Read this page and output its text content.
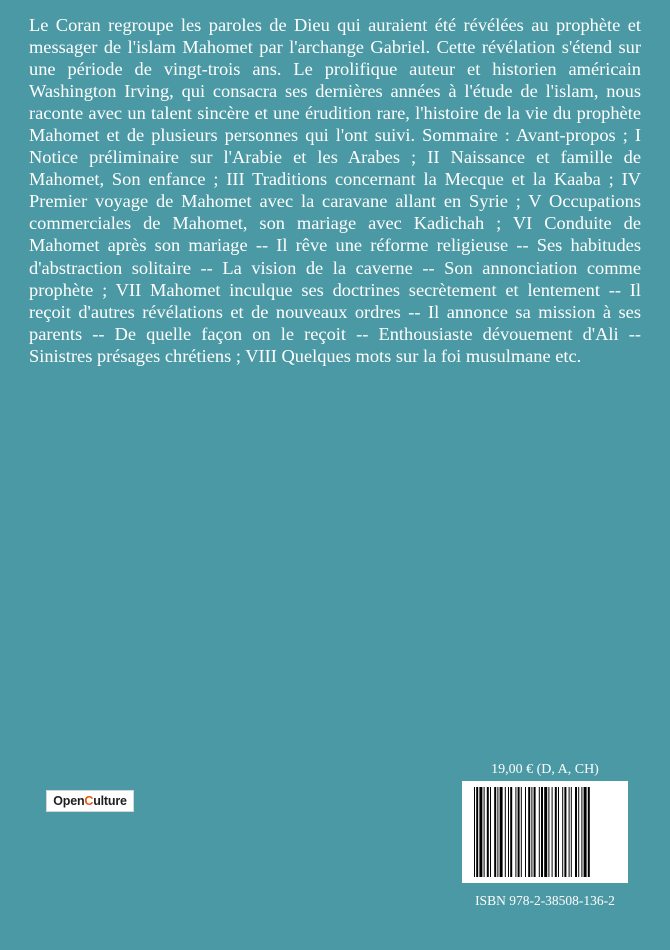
Le Coran regroupe les paroles de Dieu qui auraient été révélées au prophète et messager de l'islam Mahomet par l'archange Gabriel. Cette révélation s'étend sur une période de vingt-trois ans. Le prolifique auteur et historien américain Washington Irving, qui consacra ses dernières années à l'étude de l'islam, nous raconte avec un talent sincère et une érudition rare, l'histoire de la vie du prophète Mahomet et de plusieurs personnes qui l'ont suivi. Sommaire : Avant-propos ; I Notice préliminaire sur l'Arabie et les Arabes ; II Naissance et famille de Mahomet, Son enfance ; III Traditions concernant la Mecque et la Kaaba ; IV Premier voyage de Mahomet avec la caravane allant en Syrie ; V Occupations commerciales de Mahomet, son mariage avec Kadichah ; VI Conduite de Mahomet après son mariage -- Il rêve une réforme religieuse -- Ses habitudes d'abstraction solitaire -- La vision de la caverne -- Son annonciation comme prophète ; VII Mahomet inculque ses doctrines secrètement et lentement -- Il reçoit d'autres révélations et de nouveaux ordres -- Il annonce sa mission à ses parents -- De quelle façon on le reçoit -- Enthousiaste dévouement d'Ali -- Sinistres présages chrétiens ; VIII Quelques mots sur la foi musulmane etc.

Open C ulture
19,00 € (D, A, CH)
ISBN 978-2-38508-136-2
